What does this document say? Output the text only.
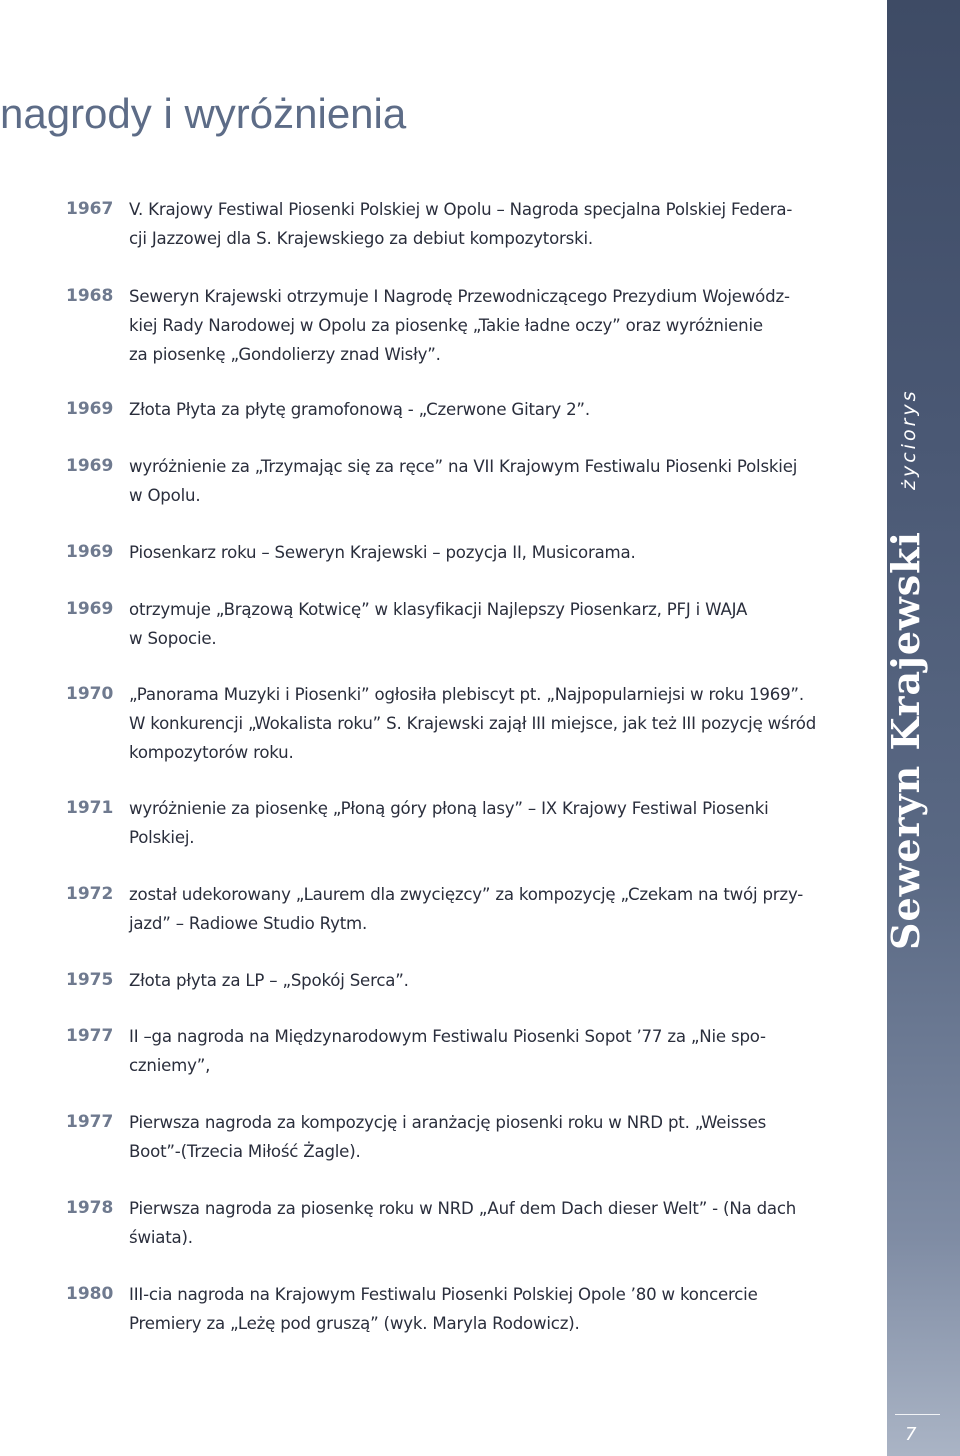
nagrody i wyróżnienia
1967 V. Krajowy Festiwal Piosenki Polskiej w Opolu – Nagroda specjalna Polskiej Federa-
cji Jazzowej dla S. Krajewskiego za debiut kompozytorski.
1968 Seweryn Krajewski otrzymuje I Nagrodę Przewodniczącego Prezydium Wojewódz-
kiej Rady Narodowej w Opolu za piosenkę „Takie ładne oczy” oraz wyróżnienie
za piosenkę „Gondolierzy znad Wisły”.
1969 Złota Płyta za płytę gramofonową - „Czerwone Gitary 2”.
1969 wyróżnienie za „Trzymając się za ręce” na VII Krajowym Festiwalu Piosenki Polskiej
w Opolu.
1969 Piosenkarz roku – Seweryn Krajewski – pozycja II, Musicorama.
1969 otrzymuje „Brązową Kotwicę” w klasyfikacji Najlepszy Piosenkarz, PFJ i WAJA
w Sopocie.
1970 „Panorama Muzyki i Piosenki” ogłosiła plebiscyt pt. „Najpopularniejsi w roku 1969”.
W konkurencji „Wokalista roku” S. Krajewski zajął III miejsce, jak też III pozycję wśród
kompozytorów roku.
1971 wyróżnienie za piosenkę „Płoną góry płoną lasy” – IX Krajowy Festiwal Piosenki
Polskiej.
1972 został udekorowany „Laurem dla zwycięzcy” za kompozycję „Czekam na twój przy-
jazd” – Radiowe Studio Rytm.
1975 Złota płyta za LP – „Spokój Serca”.
1977 II –ga nagroda na Międzynarodowym Festiwalu Piosenki Sopot ’77 za „Nie spo-
czniemy”,
1977 Pierwsza nagroda za kompozycję i aranżację piosenki roku w NRD pt. „Weisses
Boot”-(Trzecia Miłość Żagle).
1978 Pierwsza nagroda za piosenkę roku w NRD „Auf dem Dach dieser Welt” - (Na dach
świata).
1980 III-cia nagroda na Krajowym Festiwalu Piosenki Polskiej Opole ’80 w koncercie
Premiery za „Leżę pod gruszą” (wyk. Maryla Rodowicz).
życiorys
Seweryn Krajewski
7
